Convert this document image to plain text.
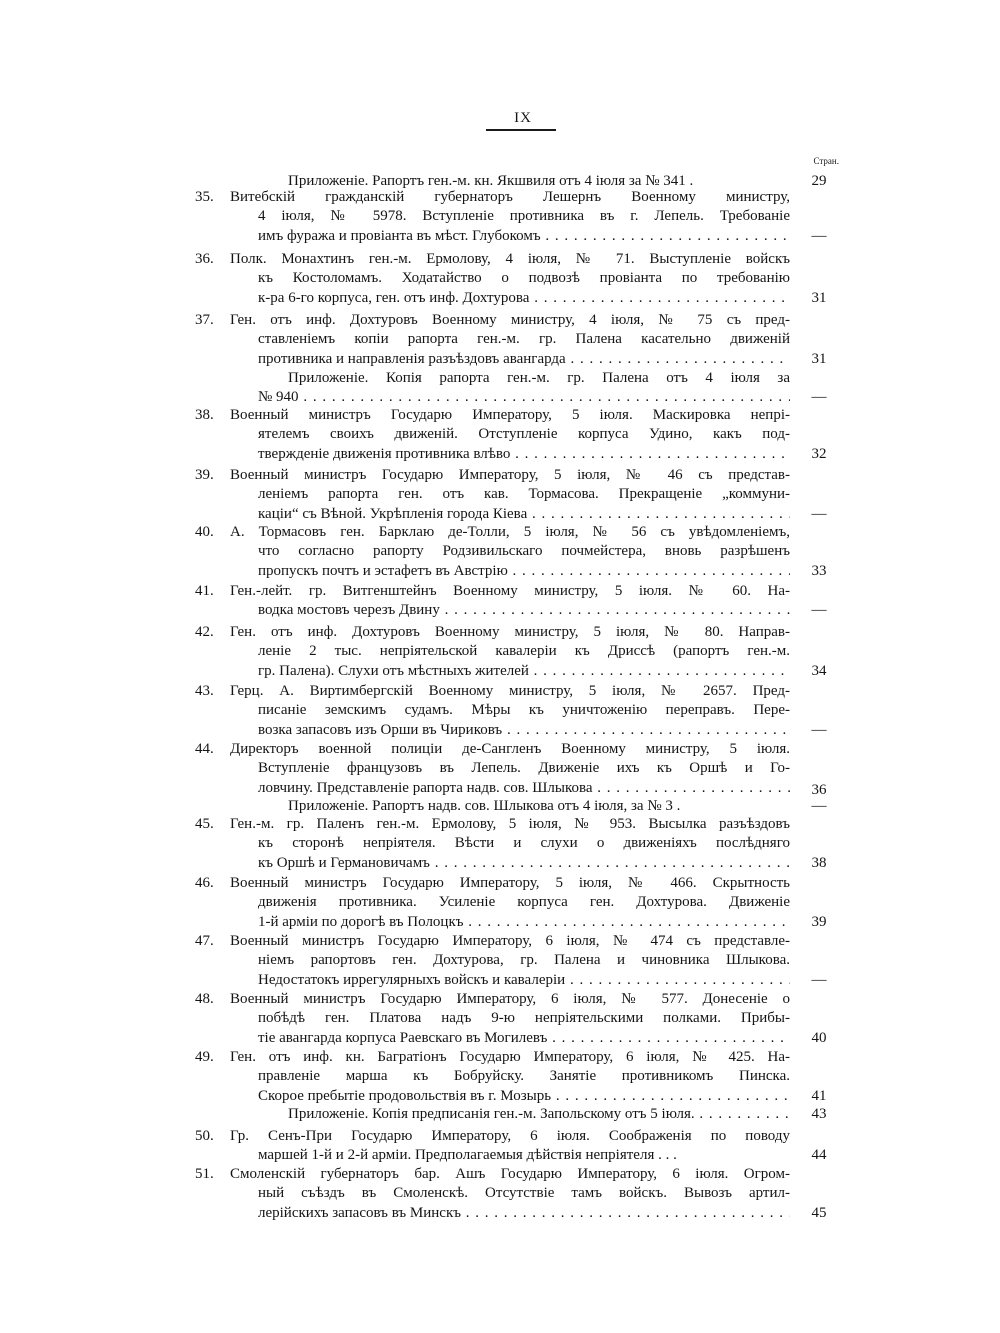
IX
Стран.
Приложеніе. Рапортъ ген.-м. кн. Якшвиля отъ 4 іюля за № 341 .	29
35.	Витебскій гражданскій губернаторъ Лешернъ Военному министру,
4 іюля, № 5978. Вступленіе противника въ г. Лепель. Требованіе
имъ фуража и провіанта въ мѣст. Глубокомъ . . .	—
36.	Полк. Монахтинъ ген.-м. Ермолову, 4 іюля, № 71. Выступленіе войскъ
къ Костоломамъ. Ходатайство о подвозѣ провіанта по требованію
к-ра 6-го корпуса, ген. отъ инф. Дохтурова . . .	31
37.	Ген. отъ инф. Дохтуровъ Военному министру, 4 іюля, № 75 съ пред-
ставленіемъ копіи рапорта ген.-м. гр. Палена касательно движеній
противника и направленія разъѣздовъ авангарда . . .	31
Приложеніе. Копія рапорта ген.-м. гр. Палена отъ 4 іюля за
№ 940 . . .	—
38.	Военный министръ Государю Императору, 5 іюля. Маскировка непрі-
ятелемъ своихъ движеній. Отступленіе корпуса Удино, какъ под-
твержденіе движенія противника влѣво . . .	32
39.	Военный министръ Государю Императору, 5 іюля, № 46 съ представ-
леніемъ рапорта ген. отъ кав. Тормасова. Прекращеніе „коммуни-
каціи“ съ Вѣной. Укрѣпленія города Кіева . . .	—
40.	А. Тормасовъ ген. Барклаю де-Толли, 5 іюля, № 56 съ увѣдомленіемъ,
что согласно рапорту Родзивильскаго почмейстера, вновь разрѣшенъ
пропускъ почтъ и эстафетъ въ Австрію . . .	33
41.	Ген.-лейт. гр. Витгенштейнъ Военному министру, 5 іюля. № 60. На-
водка мостовъ черезъ Двину . . .	—
42.	Ген. отъ инф. Дохтуровъ Военному министру, 5 іюля, № 80. Направ-
леніе 2 тыс. непріятельской кавалеріи къ Дриссѣ (рапортъ ген.-м.
гр. Палена). Слухи отъ мѣстныхъ жителей . . .	34
43.	Герц. А. Виртимбергскій Военному министру, 5 іюля, № 2657. Пред-
писаніе земскимъ судамъ. Мѣры къ уничтоженію переправъ. Пере-
возка запасовъ изъ Орши въ Чириковъ . . .	—
44.	Директоръ военной полиціи де-Сангленъ Военному министру, 5 іюля.
Вступленіе французовъ въ Лепель. Движеніе ихъ къ Оршѣ и Го-
ловчину. Представленіе рапорта надв. сов. Шлыкова . . .	36
Приложеніе. Рапортъ надв. сов. Шлыкова отъ 4 іюля, за № 3 .	—
45.	Ген.-м. гр. Паленъ ген.-м. Ермолову, 5 іюля, № 953. Высылка разъѣздовъ
къ сторонѣ непріятеля. Вѣсти и слухи о движеніяхъ послѣдняго
къ Оршѣ и Германовичамъ . . .	38
46.	Военный министръ Государю Императору, 5 іюля, № 466. Скрытность
движенія противника. Усиленіе корпуса ген. Дохтурова. Движеніе
1-й арміи по дорогѣ въ Полоцкъ . . .	39
47.	Военный министръ Государю Императору, 6 іюля, № 474 съ представле-
ніемъ рапортовъ ген. Дохтурова, гр. Палена и чиновника Шлыкова.
Недостатокъ иррегулярныхъ войскъ и кавалеріи . . .	—
48.	Военный министръ Государю Императору, 6 іюля, № 577. Донесеніе о
побѣдѣ ген. Платова надъ 9-ю непріятельскими полками. Прибы-
тіе авангарда корпуса Раевскаго въ Могилевъ . . .	40
49.	Ген. отъ инф. кн. Багратіонъ Государю Императору, 6 іюля, № 425. На-
правленіе марша къ Бобруйску. Занятіе противникомъ Пинска.
Скорое пребытіе продовольствія въ г. Мозырь . . .	41
Приложеніе. Копія предписанія ген.-м. Запольскому отъ 5 іюля. . . .	43
50.	Гр. Сенъ-При Государю Императору, 6 іюля. Соображенія по поводу
маршей 1-й и 2-й арміи. Предполагаемыя дѣйствія непріятеля . . .	44
51.	Смоленскій губернаторъ бар. Ашъ Государю Императору, 6 іюля. Огром-
ный съѣздъ въ Смоленскѣ. Отсутствіе тамъ войскъ. Вывозъ артил-
лерійскихъ запасовъ въ Минскъ . . .	45
